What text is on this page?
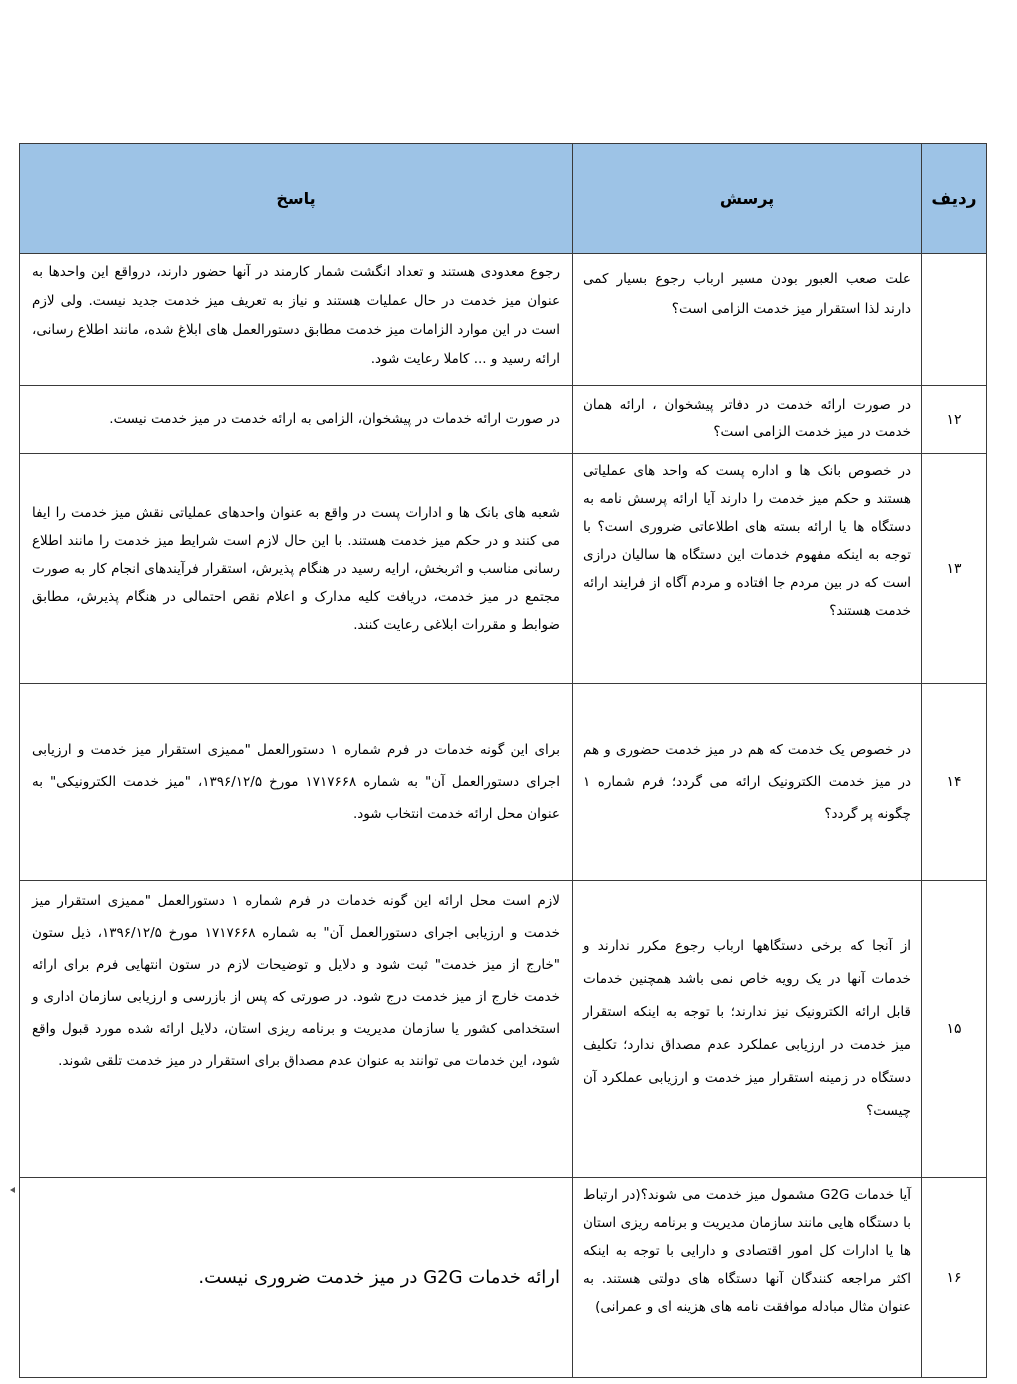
ردیف
پرسش
پاسخ
علت صعب العبور بودن مسیر ارباب رجوع بسیار کمی دارند لذا استقرار میز خدمت الزامی است؟
رجوع معدودی هستند و تعداد انگشت شمار کارمند در آنها حضور دارند، درواقع این واحدها به عنوان میز خدمت در حال عملیات هستند و نیاز به تعریف میز خدمت جدید نیست. ولی لازم است در این موارد الزامات میز خدمت مطابق دستورالعمل های ابلاغ شده، مانند اطلاع رسانی، ارائه رسید و ... کاملا رعایت شود.
۱۲
در صورت ارائه خدمت در دفاتر پیشخوان ، ارائه همان خدمت در میز خدمت الزامی است؟
در صورت ارائه خدمات در پیشخوان، الزامی به ارائه خدمت در میز خدمت نیست.
۱۳
در خصوص بانک ها و اداره پست که واحد های عملیاتی هستند و حکم میز خدمت را دارند آیا ارائه پرسش نامه به دستگاه ها یا ارائه بسته های اطلاعاتی ضروری است؟ با توجه به اینکه مفهوم خدمات این دستگاه ها سالیان درازی است که در بین مردم جا افتاده و مردم آگاه از فرایند ارائه خدمت هستند؟
شعبه های بانک ها و ادارات پست در واقع به عنوان واحدهای عملیاتی نقش میز خدمت را ایفا می کنند و در حکم میز خدمت هستند. با این حال لازم است شرایط میز خدمت را مانند اطلاع رسانی مناسب و اثربخش، ارایه رسید در هنگام پذیرش، استقرار فرآیندهای انجام کار به صورت مجتمع در میز خدمت، دریافت کلیه مدارک و اعلام نقص احتمالی در هنگام پذیرش، مطابق ضوابط و مقررات ابلاغی رعایت کنند.
۱۴
در خصوص یک خدمت که هم در میز خدمت حضوری و هم در میز خدمت الکترونیک ارائه می گردد؛ فرم شماره ۱ چگونه پر گردد؟
برای این گونه خدمات در فرم شماره ۱ دستورالعمل "ممیزی استقرار میز خدمت و ارزیابی اجرای دستورالعمل آن" به شماره ۱۷۱۷۶۶۸ مورخ ۱۳۹۶/۱۲/۵، "میز خدمت الکترونیکی" به عنوان محل ارائه خدمت انتخاب شود.
۱۵
از آنجا که برخی دستگاهها ارباب رجوع مکرر ندارند و خدمات آنها در یک رویه خاص نمی باشد همچنین خدمات قابل ارائه الکترونیک نیز ندارند؛ با توجه به اینکه استقرار میز خدمت در ارزیابی عملکرد عدم مصداق ندارد؛ تکلیف دستگاه در زمینه استقرار میز خدمت و ارزیابی عملکرد آن چیست؟
لازم است محل ارائه این گونه خدمات در فرم شماره ۱ دستورالعمل "ممیزی استقرار میز خدمت و ارزیابی اجرای دستورالعمل آن" به شماره ۱۷۱۷۶۶۸ مورخ ۱۳۹۶/۱۲/۵، ذیل ستون "خارج از میز خدمت" ثبت شود و دلایل و توضیحات لازم در ستون انتهایی فرم برای ارائه خدمت خارج از میز خدمت درج شود. در صورتی که پس از بازرسی و ارزیابی سازمان اداری و استخدامی کشور یا سازمان مدیریت و برنامه ریزی استان، دلایل ارائه شده مورد قبول واقع شود، این خدمات می توانند به عنوان عدم مصداق برای استقرار در میز خدمت تلقی شوند.
۱۶
آیا خدمات G2G مشمول میز خدمت می شوند؟(در ارتباط با دستگاه هایی مانند سازمان مدیریت و برنامه ریزی استان ها یا ادارات کل امور اقتصادی و دارایی با توجه به اینکه اکثر مراجعه کنندگان آنها دستگاه های دولتی هستند. به عنوان مثال مبادله موافقت نامه های هزینه ای و عمرانی)
ارائه خدمات G2G در میز خدمت ضروری نیست.
